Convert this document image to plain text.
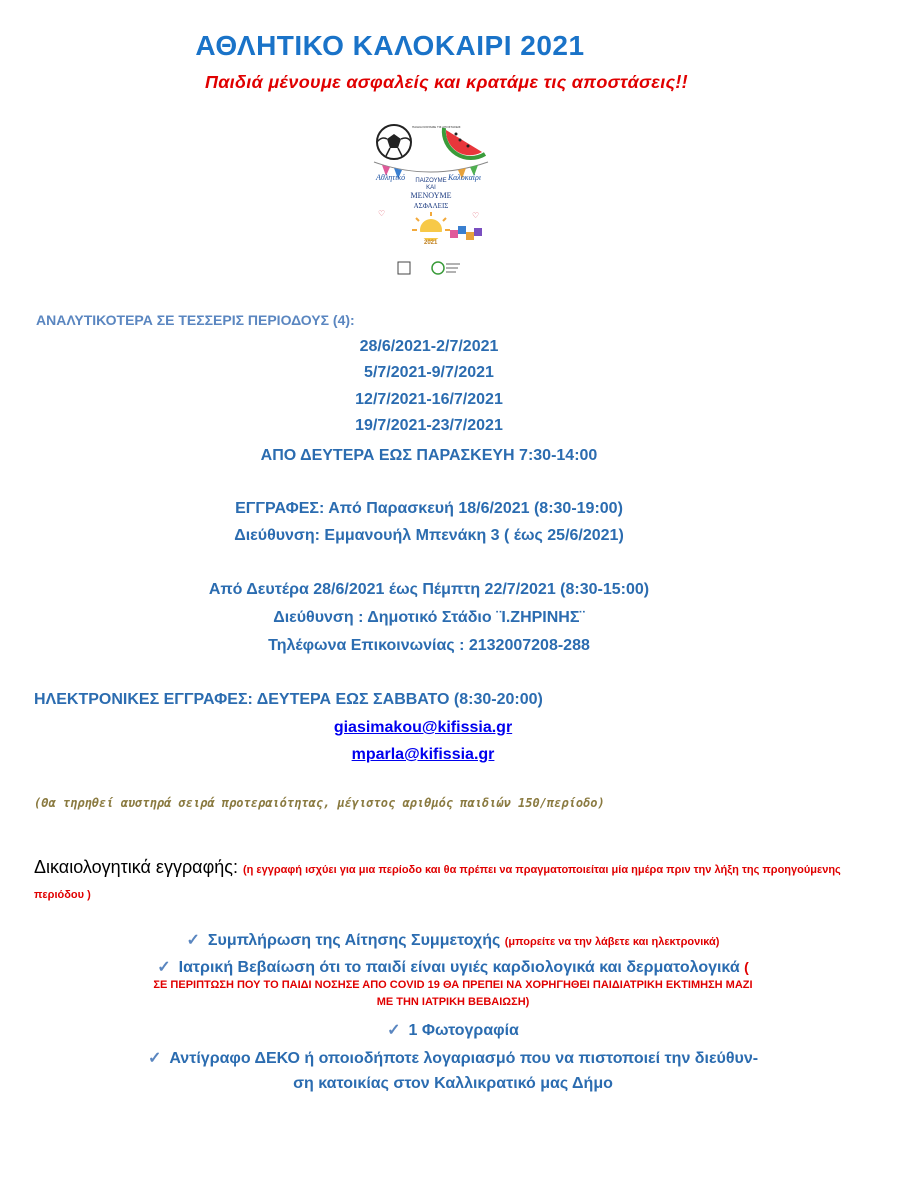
ΑΘΛΗΤΙΚΟ ΚΑΛΟΚΑΙΡΙ 2021
Παιδιά μένουμε ασφαλείς και κρατάμε τις αποστάσεις!!
Αθλητικό	Καλοκαίρι
ΠΑΙΔΙΑ ΚΡΑΤΑΜΕ ΤΙΣ ΑΠΟΣΤΑΣΕΙΣ
ΠΑΙΖΟΥΜΕ
ΚΑΙ
ΜΕΝΟΥΜΕ
ΑΣΦΑΛΕΙΣ
2021
♡	♡
ΑΝΑΛΥΤΙΚΟΤΕΡΑ ΣΕ ΤΕΣΣΕΡΙΣ ΠΕΡΙΟΔΟΥΣ (4):
28/6/2021-2/7/2021
5/7/2021-9/7/2021
12/7/2021-16/7/2021
19/7/2021-23/7/2021
ΑΠΟ ΔΕΥΤΕΡΑ ΕΩΣ ΠΑΡΑΣΚΕΥΗ 7:30-14:00
ΕΓΓΡΑΦΕΣ: Από Παρασκευή 18/6/2021 (8:30-19:00)
Διεύθυνση: Εμμανουήλ Μπενάκη 3 ( έως 25/6/2021)
Από Δευτέρα 28/6/2021 έως Πέμπτη 22/7/2021 (8:30-15:00)
Διεύθυνση : Δημοτικό Στάδιο ¨Ι.ΖΗΡΙΝΗΣ¨
Τηλέφωνα Επικοινωνίας : 2132007208-288
ΗΛΕΚΤΡΟΝΙΚΕΣ ΕΓΓΡΑΦΕΣ: ΔΕΥΤΕΡΑ ΕΩΣ ΣΑΒΒΑΤΟ (8:30-20:00)
giasimakou@kifissia.gr
mparla@kifissia.gr
(Θα τηρηθεί αυστηρά σειρά προτεραιότητας, μέγιστος αριθμός παιδιών 150/περίοδο)
Δικαιολογητικά εγγραφής: (η εγγραφή ισχύει για μια περίοδο και θα πρέπει να πραγματοποιείται μία ημέρα πριν την λήξη της προηγούμενης περιόδου )
✓ Συμπλήρωση της Αίτησης Συμμετοχής (μπορείτε να την λάβετε και ηλεκτρονικά)
✓ Ιατρική Βεβαίωση ότι το παιδί είναι υγιές καρδιολογικά και δερματολογικά (
ΣΕ ΠΕΡΙΠΤΩΣΗ ΠΟΥ ΤΟ ΠΑΙΔΙ ΝΟΣΗΣΕ ΑΠΟ COVID 19 ΘΑ ΠΡΕΠΕΙ ΝΑ ΧΟΡΗΓΗΘΕΙ ΠΑΙΔΙΑΤΡΙΚΗ ΕΚΤΙΜΗΣΗ ΜΑΖΙ
ΜΕ ΤΗΝ ΙΑΤΡΙΚΗ ΒΕΒΑΙΩΣΗ)
✓ 1 Φωτογραφία
✓ Αντίγραφο ΔΕΚΟ ή οποιοδήποτε λογαριασμό που να πιστοποιεί την διεύθυν-
ση κατοικίας στον Καλλικρατικό μας Δήμο
